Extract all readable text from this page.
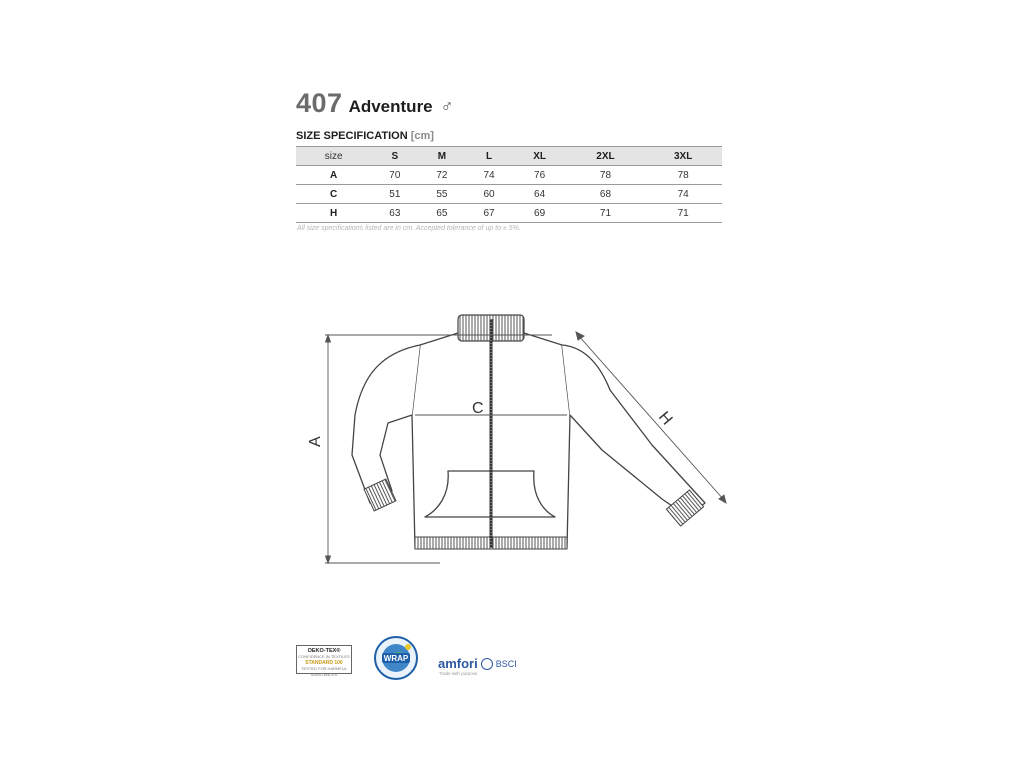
407 Adventure ♂
SIZE SPECIFICATION [cm]
size	S	M	L	XL	2XL	3XL
A	70	72	74	76	78	78
C	51	55	60	64	68	74
H	63	65	67	69	71	71
All size specifications listed are in cm. Accepted tolerance of up to ± 5%.
A
C
H
OEKO-TEX®
CONFIDENCE IN TEXTILES
STANDARD 100
TESTED FOR HARMFUL SUBSTANCES
WRAP amfori BSCI
Trade with purpose
